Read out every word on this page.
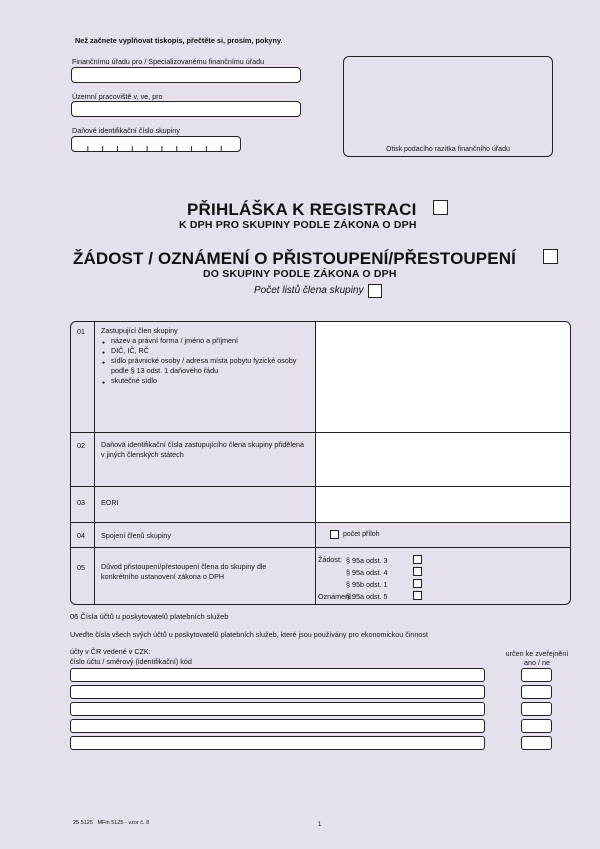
Než začnete vyplňovat tiskopis, přečtěte si, prosím, pokyny.
Finančnímu úřadu pro / Specializovanému finančnímu úřadu
Územní pracoviště v, ve, pro
Daňové identifikační číslo skupiny
Otisk podacího razítka finančního úřadu
PŘIHLÁŠKA K REGISTRACI
K DPH PRO SKUPINY PODLE ZÁKONA O DPH
ŽÁDOST / OZNÁMENÍ O PŘISTOUPENÍ/PŘESTOUPENÍ
DO SKUPINY PODLE ZÁKONA O DPH
Počet listů člena skupiny
01 Zastupující člen skupiny
● název a právní forma / jméno a příjmení
● DIČ, IČ, RČ
● sídlo právnické osoby / adresa místa pobytu fyzické osoby podle § 13 odst. 1 daňového řádu
● skutečné sídlo
02 Daňová identifikační čísla zastupujícího člena skupiny přidělená v jiných členských státech
03 EORI
04 Spojení členů skupiny	počet příloh
05 Důvod přistoupení/přestoupení člena do skupiny dle konkrétního ustanovení zákona o DPH
Žádost: § 95a odst. 3
§ 95a odst. 4
§ 95b odst. 1
Oznámení:
§ 95a odst. 5
06 Čísla účtů u poskytovatelů platebních služeb
Uveďte čísla všech svých účtů u poskytovatelů platebních služeb, které jsou používány pro ekonomickou činnost
účty v ČR vedené v CZK:
číslo účtu / směrový (identifikační) kód
určen ke zveřejnění
ano / ne
25 5125   MFin 5125 - vzor č. 8	1
